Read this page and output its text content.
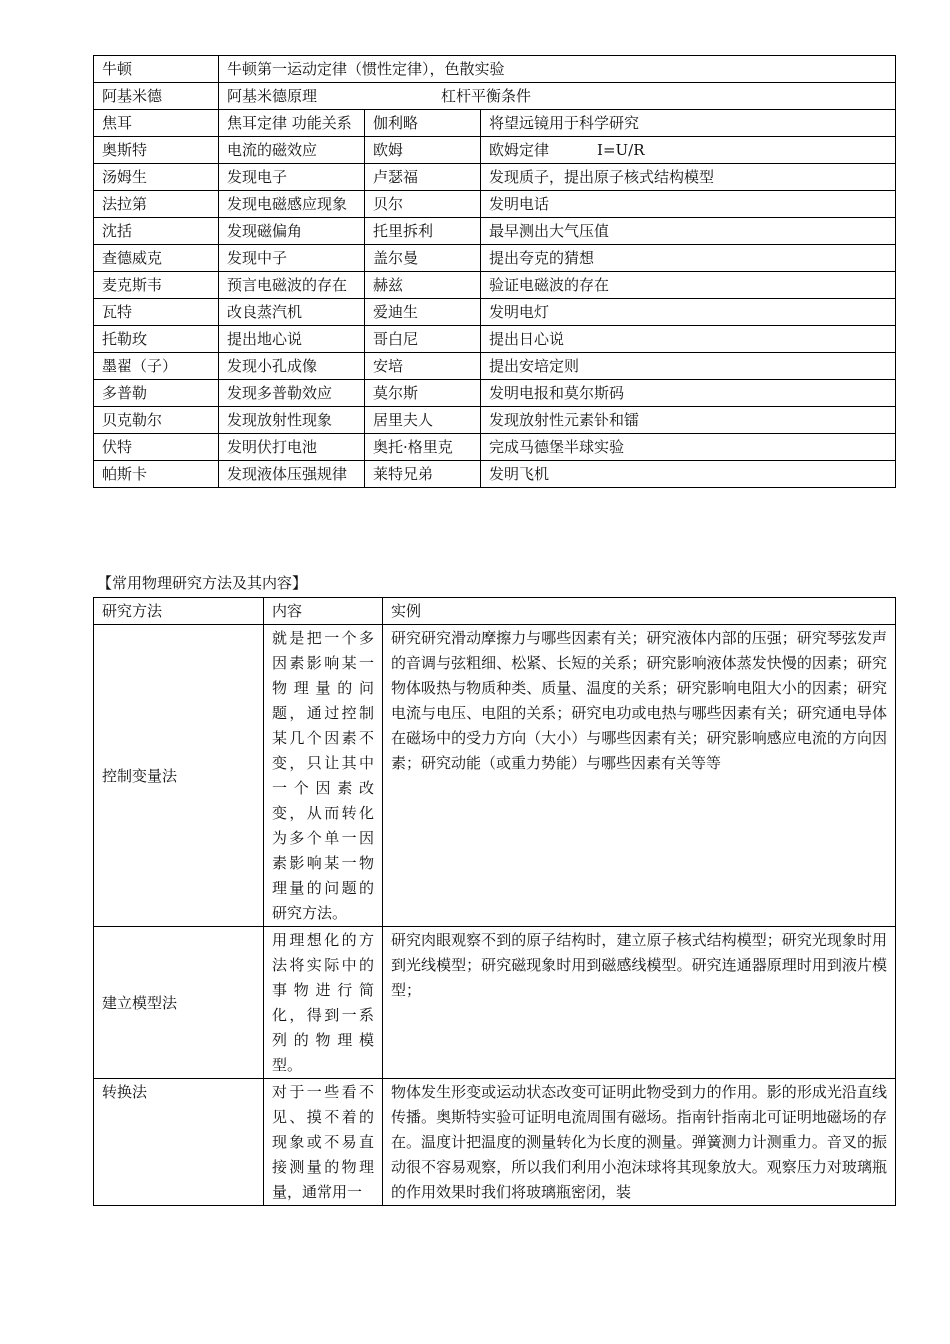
牛顿	牛顿第一运动定律（惯性定律），色散实验		
阿基米德	阿基米德原理 杠杆平衡条件		
焦耳	焦耳定律 功能关系	伽利略	将望远镜用于科学研究
奥斯特	电流的磁效应	欧姆	欧姆定律 I=U/R
汤姆生	发现电子	卢瑟福	发现质子，提出原子核式结构模型
法拉第	发现电磁感应现象	贝尔	发明电话
沈括	发现磁偏角	托里拆利	最早测出大气压值
查德威克	发现中子	盖尔曼	提出夸克的猜想
麦克斯韦	预言电磁波的存在	赫兹	验证电磁波的存在
瓦特	改良蒸汽机	爱迪生	发明电灯
托勒玫	提出地心说	哥白尼	提出日心说
墨翟（子）	发现小孔成像	安培	提出安培定则
多普勒	发现多普勒效应	莫尔斯	发明电报和莫尔斯码
贝克勒尔	发现放射性现象	居里夫人	发现放射性元素钋和镭
伏特	发明伏打电池	奥托·格里克	完成马德堡半球实验
帕斯卡	发现液体压强规律	莱特兄弟	发明飞机
【常用物理研究方法及其内容】
研究方法	内容	实例
控制变量法	就是把一个多因素影响某一物理量的问题，通过控制某几个因素不变，只让其中一个因素改变，从而转化为多个单一因素影响某一物理量的问题的研究方法。	研究研究滑动摩擦力与哪些因素有关；研究液体内部的压强；研究琴弦发声的音调与弦粗细、松紧、长短的关系；研究影响液体蒸发快慢的因素；研究物体吸热与物质种类、质量、温度的关系；研究影响电阻大小的因素；研究电流与电压、电阻的关系；研究电功或电热与哪些因素有关；研究通电导体在磁场中的受力方向（大小）与哪些因素有关；研究影响感应电流的方向因素；研究动能（或重力势能）与哪些因素有关等等
建立模型法	用理想化的方法将实际中的事物进行简化，得到一系列的物理模型。	研究肉眼观察不到的原子结构时，建立原子核式结构模型；研究光现象时用到光线模型；研究磁现象时用到磁感线模型。研究连通器原理时用到液片模型；
转换法	对于一些看不见、摸不着的现象或不易直接测量的物理量，通常用一	物体发生形变或运动状态改变可证明此物受到力的作用。影的形成光沿直线传播。奥斯特实验可证明电流周围有磁场。指南针指南北可证明地磁场的存在。温度计把温度的测量转化为长度的测量。弹簧测力计测重力。音叉的振动很不容易观察，所以我们利用小泡沫球将其现象放大。观察压力对玻璃瓶的作用效果时我们将玻璃瓶密闭，装
